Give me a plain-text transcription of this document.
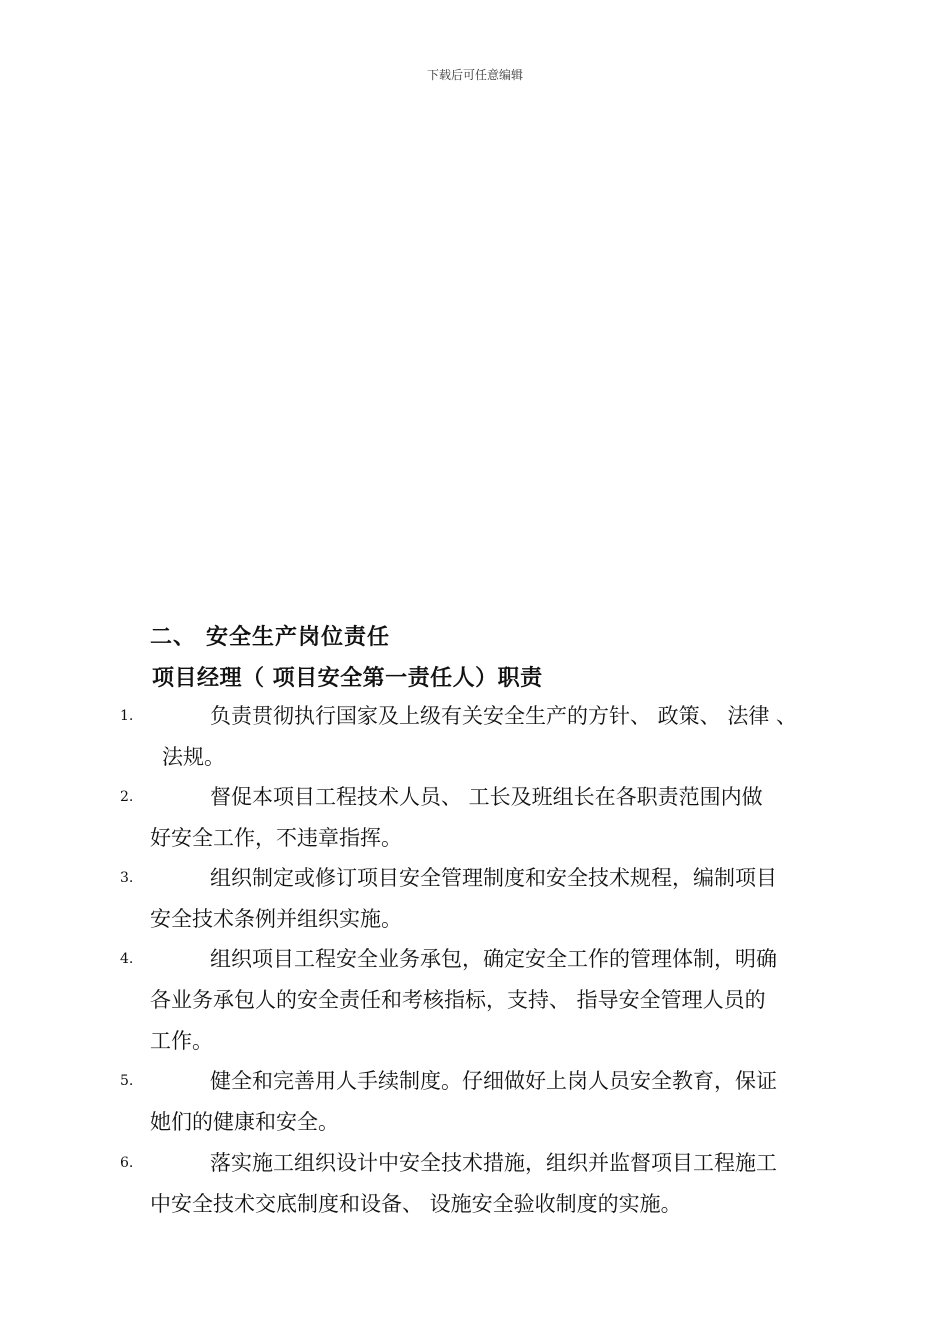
下载后可任意编辑
二、 安全生产岗位责任
项目经理（ 项目安全第一责任人）职责
1.	负责贯彻执行国家及上级有关安全生产的方针、 政策、 法律 、
法规。
2.	督促本项目工程技术人员、 工长及班组长在各职责范围内做
好安全工作，不违章指挥。
3.	组织制定或修订项目安全管理制度和安全技术规程，编制项目
安全技术条例并组织实施。
4.	组织项目工程安全业务承包，确定安全工作的管理体制，明确
各业务承包人的安全责任和考核指标，支持、 指导安全管理人员的
工作。
5.	健全和完善用人手续制度。仔细做好上岗人员安全教育，保证
她们的健康和安全。
6.	落实施工组织设计中安全技术措施，组织并监督项目工程施工
中安全技术交底制度和设备、 设施安全验收制度的实施。
